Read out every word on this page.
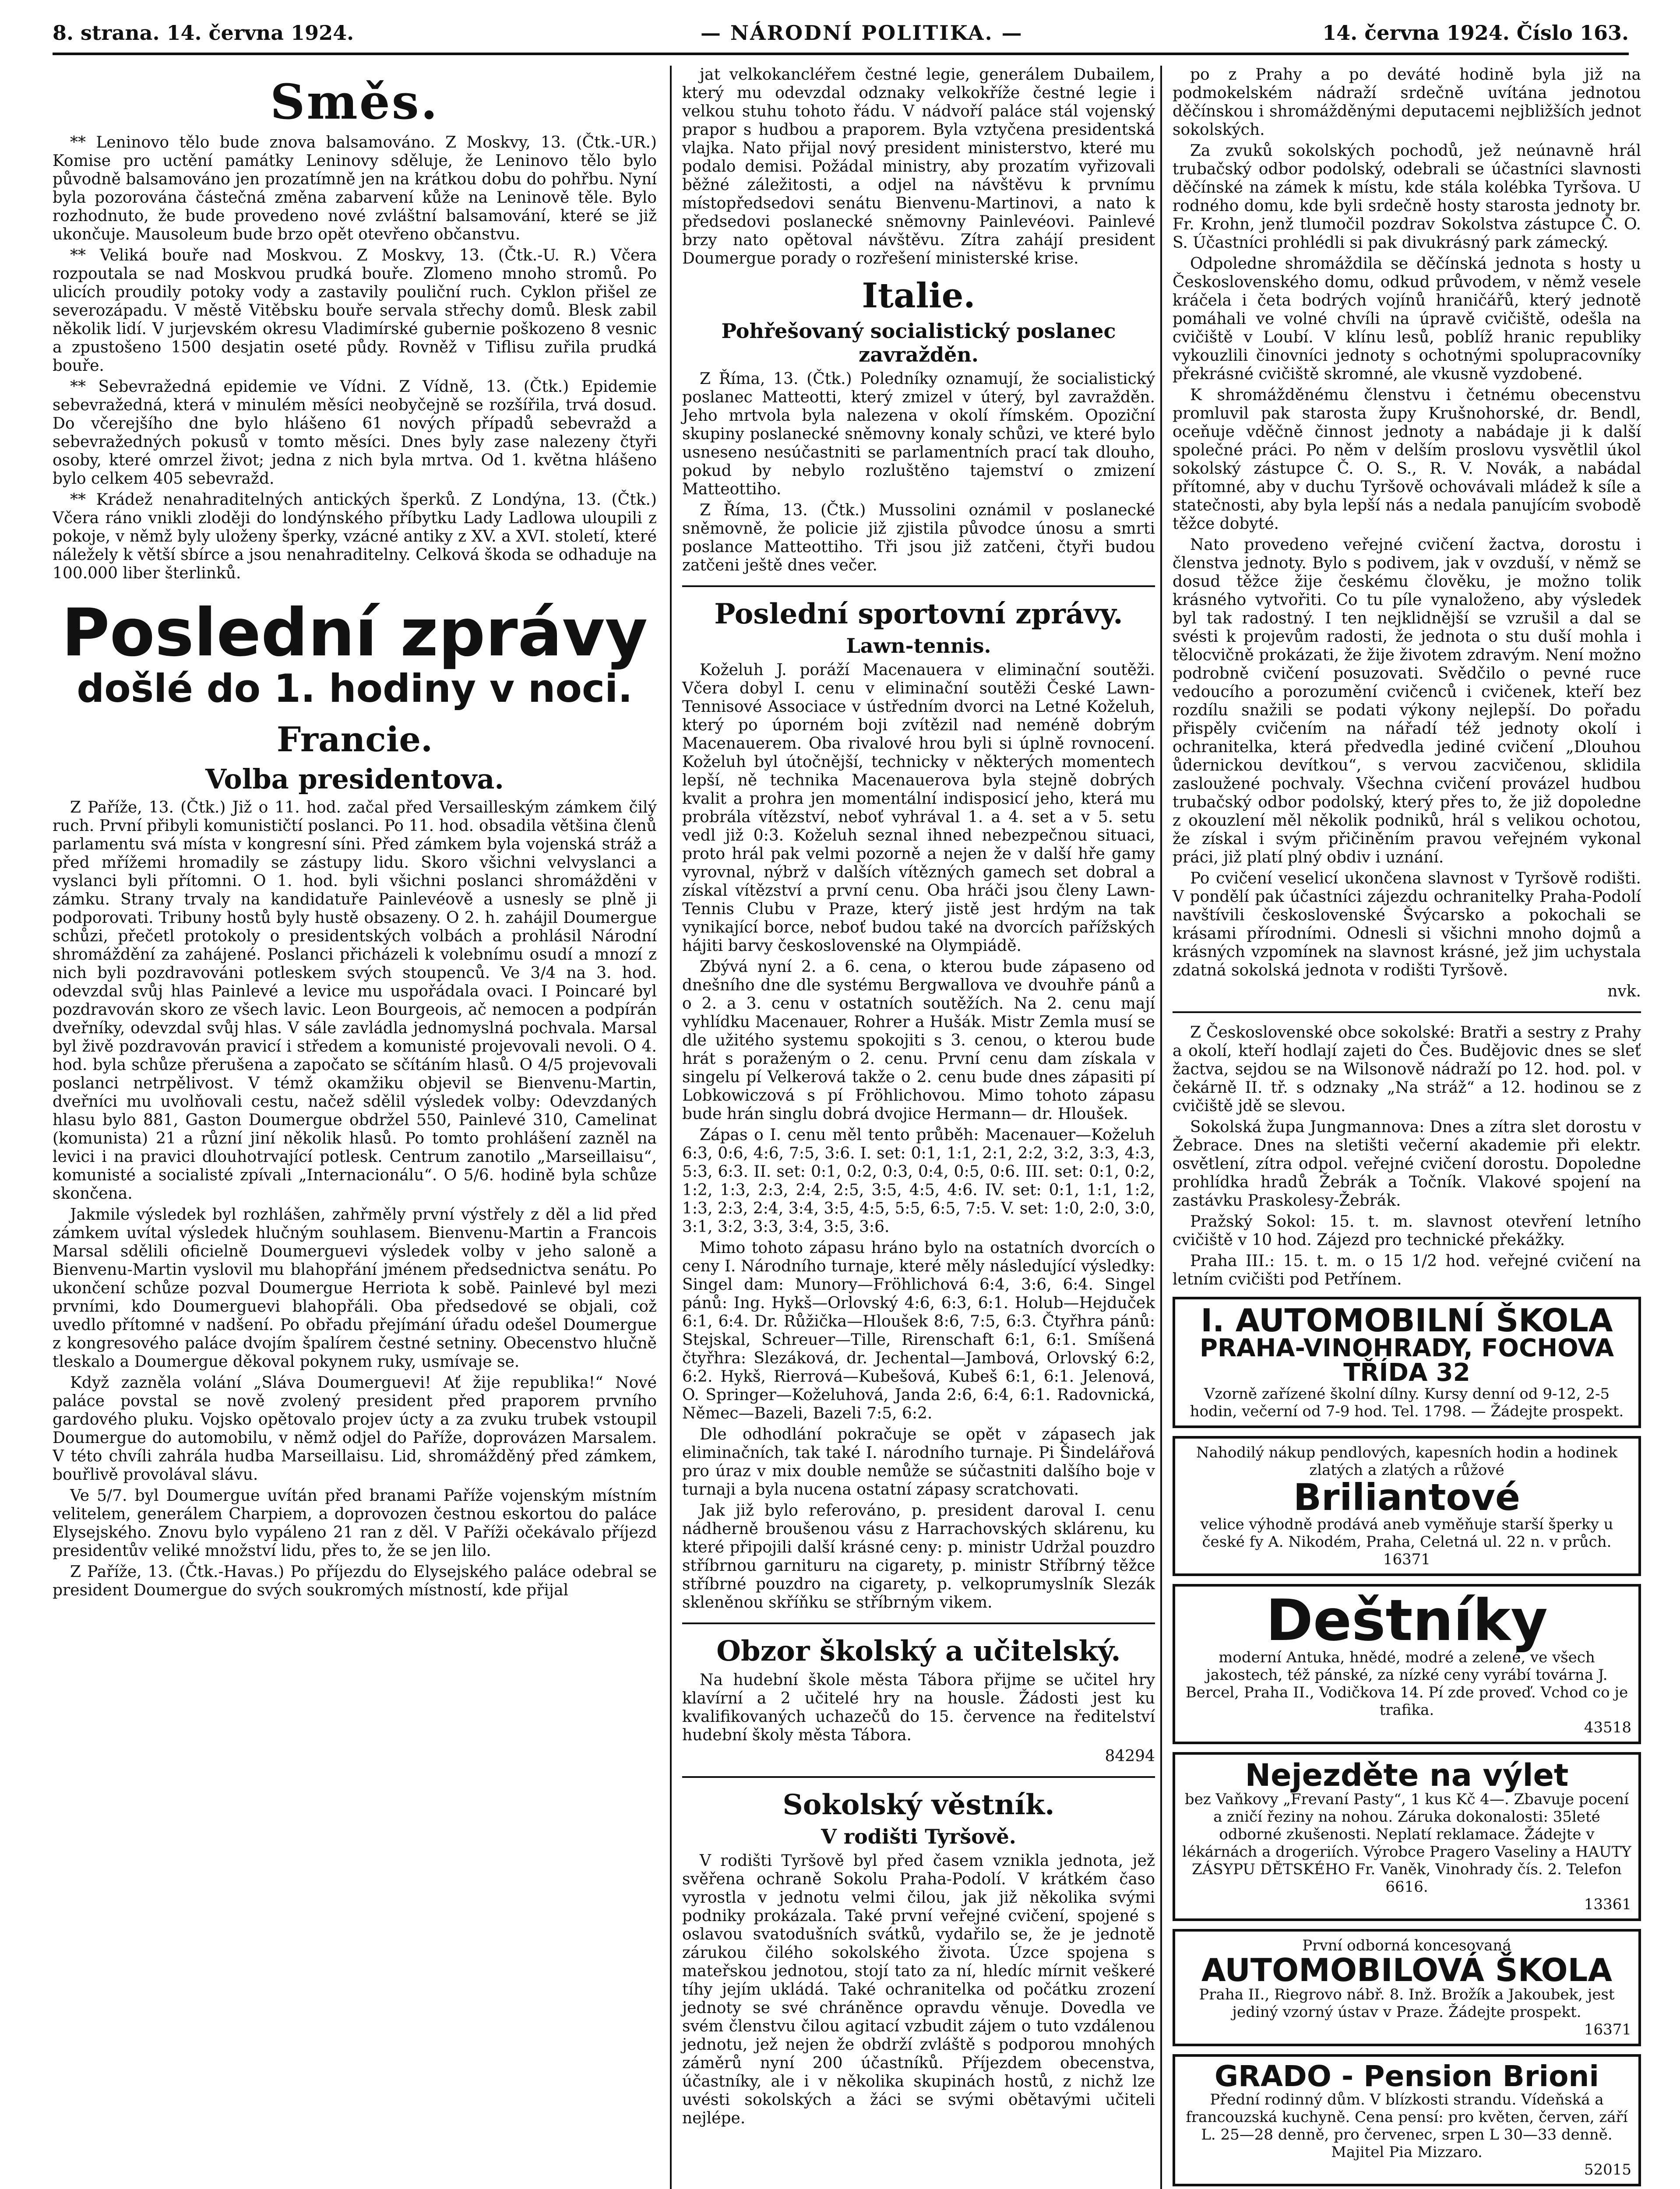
8. strana. 14. června 1924.	— NÁRODNÍ POLITIKA. —	14. června 1924. Číslo 163.
Směs.

** Leninovo tělo bude znova balsamováno. Z Moskvy, 13. (Čtk.-UR.) Komise pro uctění památky Leninovy sděluje, že Leninovo tělo bylo původně balsamováno jen prozatímně jen na krátkou dobu do pohřbu. Nyní byla pozorována částečná změna zabarvení kůže na Leninově těle. Bylo rozhodnuto, že bude provedeno nové zvláštní balsamování, které se již ukončuje. Mausoleum bude brzo opět otevřeno občanstvu.

** Veliká bouře nad Moskvou. Z Moskvy, 13. (Čtk.-U. R.) Včera rozpoutala se nad Moskvou prudká bouře. Zlomeno mnoho stromů. Po ulicích proudily potoky vody a zastavily pouliční ruch. Cyklon přišel ze severozápadu. V městě Vitěbsku bouře servala střechy domů. Blesk zabil několik lidí. V jurjevském okresu Vladimírské gubernie poškozeno 8 vesnic a zpustošeno 1500 desjatin oseté půdy. Rovněž v Tiflisu zuřila prudká bouře.

** Sebevražedná epidemie ve Vídni. Z Vídně, 13. (Čtk.) Epidemie sebevražedná, která v minulém měsíci neobyčejně se rozšířila, trvá dosud. Do včerejšího dne bylo hlášeno 61 nových případů sebevražd a sebevražedných pokusů v tomto měsíci. Dnes byly zase nalezeny čtyři osoby, které omrzel život; jedna z nich byla mrtva. Od 1. května hlášeno bylo celkem 405 sebevražd.

** Krádež nenahraditelných antických šperků. Z Londýna, 13. (Čtk.) Včera ráno vnikli zloději do londýnského příbytku Lady Ladlowa uloupili z pokoje, v němž byly uloženy šperky, vzácné antiky z XV. a XVI. století, které náležely k větší sbírce a jsou nenahraditelny. Celková škoda se odhaduje na 100.000 liber šterlinků.

Poslední zprávy
došlé do 1. hodiny v noci.
Francie.
Volba presidentova.

Z Paříže, 13. (Čtk.) Již o 11. hod. začal před Versailleským zámkem čilý ruch. První přibyli komunističtí poslanci. Po 11. hod. obsadila většina členů parlamentu svá místa v kongresní síni. Před zámkem byla vojenská stráž a před mřížemi hromadily se zástupy lidu. Skoro všichni velvyslanci a vyslanci byli přítomni. O 1. hod. byli všichni poslanci shromážděni v zámku. Strany trvaly na kandidatuře Painlevéově a usnesly se plně ji podporovati. Tribuny hostů byly hustě obsazeny. O 2. h. zahájil Doumergue schůzi, přečetl protokoly o presidentských volbách a prohlásil Národní shromáždění za zahájené. Poslanci přicházeli k volebnímu osudí a mnozí z nich byli pozdravováni potleskem svých stoupenců. Ve 3/4 na 3. hod. odevzdal svůj hlas Painlevé a levice mu uspořádala ovaci. I Poincaré byl pozdravován skoro ze všech lavic. Leon Bourgeois, ač nemocen a podpírán dveřníky, odevzdal svůj hlas. V sále zavládla jednomyslná pochvala. Marsal byl živě pozdravován pravicí i středem a komunisté projevovali nevoli. O 4. hod. byla schůze přerušena a započato se sčítáním hlasů. O 4/5 projevovali poslanci netrpělivost. V témž okamžiku objevil se Bienvenu-Martin, dveřníci mu uvolňovali cestu, načež sdělil výsledek volby: Odevzdaných hlasu bylo 881, Gaston Doumergue obdržel 550, Painlevé 310, Camelinat (komunista) 21 a různí jiní několik hlasů. Po tomto prohlášení zazněl na levici i na pravici dlouhotrvající potlesk. Centrum zanotilo „Marseillaisu“, komunisté a socialisté zpívali „Internacionálu“. O 5/6. hodině byla schůze skončena.

Jakmile výsledek byl rozhlášen, zahřměly první výstřely z děl a lid před zámkem uvítal výsledek hlučným souhlasem. Bienvenu-Martin a Francois Marsal sdělili oficielně Doumerguevi výsledek volby v jeho saloně a Bienvenu-Martin vyslovil mu blahopřání jménem předsednictva senátu. Po ukončení schůze pozval Doumergue Herriota k sobě. Painlevé byl mezi prvními, kdo Doumerguevi blahopřáli. Oba předsedové se objali, což uvedlo přítomné v nadšení. Po obřadu přejímání úřadu odešel Doumergue z kongresového paláce dvojím špalírem čestné setniny. Obecenstvo hlučně tleskalo a Doumergue děkoval pokynem ruky, usmívaje se.

Když zazněla volání „Sláva Doumerguevi! Ať žije republika!“ Nové paláce povstal se nově zvolený president před praporem prvního gardového pluku. Vojsko opětovalo projev úcty a za zvuku trubek vstoupil Doumergue do automobilu, v němž odjel do Paříže, doprovázen Marsalem. V této chvíli zahrála hudba Marseillaisu. Lid, shromážděný před zámkem, bouřlivě provolával slávu.

Ve 5/7. byl Doumergue uvítán před branami Paříže vojenským místním velitelem, generálem Charpiem, a doprovozen čestnou eskortou do paláce Elysejského. Znovu bylo vypáleno 21 ran z děl. V Paříži očekávalo příjezd presidentův veliké množství lidu, přes to, že se jen lilo.

Z Paříže, 13. (Čtk.-Havas.) Po příjezdu do Elysejského paláce odebral se president Doumergue do svých soukromých místností, kde přijal

jat velkokancléřem čestné legie, generálem Dubailem, který mu odevzdal odznaky velkokříže čestné legie i velkou stuhu tohoto řádu. V nádvoří paláce stál vojenský prapor s hudbou a praporem. Byla vztyčena presidentská vlajka. Nato přijal nový president ministerstvo, které mu podalo demisi. Požádal ministry, aby prozatím vyřizovali běžné záležitosti, a odjel na návštěvu k prvnímu místopředsedovi senátu Bienvenu-Martinovi, a nato k předsedovi poslanecké sněmovny Painlevéovi. Painlevé brzy nato opětoval návštěvu. Zítra zahájí president Doumergue porady o rozřešení ministerské krise.

Italie.
Pohřešovaný socialistický poslanec zavražděn.

Z Říma, 13. (Čtk.) Poledníky oznamují, že socialistický poslanec Matteotti, který zmizel v úterý, byl zavražděn. Jeho mrtvola byla nalezena v okolí římském. Opoziční skupiny poslanecké sněmovny konaly schůzi, ve které bylo usneseno nesúčastniti se parlamentních prací tak dlouho, pokud by nebylo rozluštěno tajemství o zmizení Matteottiho.

Z Říma, 13. (Čtk.) Mussolini oznámil v poslanecké sněmovně, že policie již zjistila původce únosu a smrti poslance Matteottiho. Tři jsou již zatčeni, čtyři budou zatčeni ještě dnes večer.

Poslední sportovní zprávy.
Lawn-tennis.

Koželuh J. poráží Macenauera v eliminační soutěži. Včera dobyl I. cenu v eliminační soutěži České Lawn-Tennisové Associace v ústředním dvorci na Letné Koželuh, který po úporném boji zvítězil nad neméně dobrým Macenauerem. Oba rivalové hrou byli si úplně rovnocení. Koželuh byl útočnější, technicky v některých momentech lepší, ně technika Macenauerova byla stejně dobrých kvalit a prohra jen momentální indisposicí jeho, která mu probrála vítězství, neboť vyhrával 1. a 4. set a v 5. setu vedl již 0:3. Koželuh seznal ihned nebezpečnou situaci, proto hrál pak velmi pozorně a nejen že v další hře gamy vyrovnal, nýbrž v dalších vítězných gamech set dobral a získal vítězství a první cenu. Oba hráči jsou členy Lawn-Tennis Clubu v Praze, který jistě jest hrdým na tak vynikající borce, neboť budou také na dvorcích pařížských hájiti barvy československé na Olympiádě.

Zbývá nyní 2. a 6. cena, o kterou bude zápaseno od dnešního dne dle systému Bergwallova ve dvouhře pánů a o 2. a 3. cenu v ostatních soutěžích. Na 2. cenu mají vyhlídku Macenauer, Rohrer a Hušák. Mistr Zemla musí se dle užitého systemu spokojiti s 3. cenou, o kterou bude hrát s poraženým o 2. cenu. První cenu dam získala v singelu pí Velkerová takže o 2. cenu bude dnes zápasiti pí Lobkowiczová s pí Fröhlichovou. Mimo tohoto zápasu bude hrán singlu dobrá dvojice Hermann— dr. Hloušek.

Zápas o I. cenu měl tento průběh: Macenauer—Koželuh 6:3, 0:6, 4:6, 7:5, 3:6. I. set: 0:1, 1:1, 2:1, 2:2, 3:2, 3:3, 4:3, 5:3, 6:3. II. set: 0:1, 0:2, 0:3, 0:4, 0:5, 0:6. III. set: 0:1, 0:2, 1:2, 1:3, 2:3, 2:4, 2:5, 3:5, 4:5, 4:6. IV. set: 0:1, 1:1, 1:2, 1:3, 2:3, 2:4, 3:4, 3:5, 4:5, 5:5, 6:5, 7:5. V. set: 1:0, 2:0, 3:0, 3:1, 3:2, 3:3, 3:4, 3:5, 3:6.

Mimo tohoto zápasu hráno bylo na ostatních dvorcích o ceny I. Národního turnaje, které měly následující výsledky: Singel dam: Munory—Fröhlichová 6:4, 3:6, 6:4. Singel pánů: Ing. Hykš—Orlovský 4:6, 6:3, 6:1. Holub—Hejduček 6:1, 6:4. Dr. Růžička—Hloušek 8:6, 7:5, 6:3. Čtyřhra pánů: Stejskal, Schreuer—Tille, Rirenschaft 6:1, 6:1. Smíšená čtyřhra: Slezáková, dr. Jechental—Jambová, Orlovský 6:2, 6:2. Hykš, Rierrová—Kubešová, Kubeš 6:1, 6:1. Jelenová, O. Springer—Koželuhová, Janda 2:6, 6:4, 6:1. Radovnická, Němec—Bazeli, Bazeli 7:5, 6:2.

Dle odhodlání pokračuje se opět v zápasech jak eliminačních, tak také I. národního turnaje. Pi Šindelářová pro úraz v mix double nemůže se súčastniti dalšího boje v turnaji a byla nucena ostatní zápasy scratchovati.

Jak již bylo referováno, p. president daroval I. cenu nádherně broušenou vásu z Harrachovských sklárenu, ku které připojili další krásné ceny: p. ministr Udržal pouzdro stříbrnou garnituru na cigarety, p. ministr Stříbrný těžce stříbrné pouzdro na cigarety, p. velkoprumyslník Slezák skleněnou skříňku se stříbrným vikem.

Obzor školský a učitelský.

Na hudební škole města Tábora přijme se učitel hry klavírní a 2 učitelé hry na housle. Žádosti jest ku kvalifikovaných uchazečů do 15. července na ředitelství hudební školy města Tábora.

84294

Sokolský věstník.
V rodišti Tyršově.

V rodišti Tyršově byl před časem vznikla jednota, jež svěřena ochraně Sokolu Praha-Podolí. V krátkém časo vyrostla v jednotu velmi čilou, jak již několika svými podniky prokázala. Také první veřejné cvičení, spojené s oslavou svatodušních svátků, vydařilo se, že je jednotě zárukou čilého sokolského života. Úzce spojena s mateřskou jednotou, stojí tato za ní, hledíc mírnit veškeré tíhy jejím ukládá. Také ochranitelka od počátku zrození jednoty se své chráněnce opravdu věnuje. Dovedla ve svém členstvu čilou agitací vzbudit zájem o tuto vzdálenou jednotu, jež nejen že obdrží zvláště s podporou mnohých záměrů nyní 200 účastníků. Příjezdem obecenstva, účastníky, ale i v několika skupinách hostů, z nichž lze uvésti sokolských a žáci se svými obětavými učiteli nejlépe.

po z Prahy a po deváté hodině byla již na podmokelském nádraží srdečně uvítána jednotou děčínskou i shromážděnými deputacemi nejbližších jednot sokolských.

Za zvuků sokolských pochodů, jež neúnavně hrál trubačský odbor podolský, odebrali se účastníci slavnosti děčínské na zámek k místu, kde stála kolébka Tyršova. U rodného domu, kde byli srdečně hosty starosta jednoty br. Fr. Krohn, jenž tlumočil pozdrav Sokolstva zástupce Č. O. S. Účastníci prohlédli si pak divukrásný park zámecký.

Odpoledne shromáždila se děčínská jednota s hosty u Československého domu, odkud průvodem, v němž vesele kráčela i četa bodrých vojínů hraničářů, který jednotě pomáhali ve volné chvíli na úpravě cvičiště, odešla na cvičiště v Loubí. V klínu lesů, poblíž hranic republiky vykouzlili činovníci jednoty s ochotnými spolupracovníky překrásné cvičiště skromné, ale vkusně vyzdobené.

K shromážděnému členstvu i četnému obecenstvu promluvil pak starosta župy Krušnohorské, dr. Bendl, oceňuje vděčně činnost jednoty a nabádaje ji k další společné práci. Po něm v delším proslovu vysvětlil úkol sokolský zástupce Č. O. S., R. V. Novák, a nabádal přítomné, aby v duchu Tyršově ochovávali mládež k síle a statečnosti, aby byla lepší nás a nedala panujícím svobodě těžce dobyté.

Nato provedeno veřejné cvičení žactva, dorostu i členstva jednoty. Bylo s podivem, jak v ovzduší, v němž se dosud těžce žije českému člověku, je možno tolik krásného vytvořiti. Co tu píle vynaloženo, aby výsledek byl tak radostný. I ten nejklidnější se vzrušil a dal se svésti k projevům radosti, že jednota o stu duší mohla i tělocvičně prokázati, že žije životem zdravým. Není možno podrobně cvičení posuzovati. Svědčilo o pevné ruce vedoucího a porozumění cvičenců i cvičenek, kteří bez rozdílu snažili se podati výkony nejlepší. Do pořadu přispěly cvičením na nářadí též jednoty okolí i ochranitelka, která předvedla jediné cvičení „Dlouhou ůdernickou devítkou“, s vervou zacvičenou, sklidila zasloužené pochvaly. Všechna cvičení provázel hudbou trubačský odbor podolský, který přes to, že již dopoledne z okouzlení měl několik podniků, hrál s velikou ochotou, že získal i svým přičiněním pravou veřejném vykonal práci, již platí plný obdiv i uznání.

Po cvičení veselicí ukončena slavnost v Tyršově rodišti. V pondělí pak účastníci zájezdu ochranitelky Praha-Podolí navštívili československé Švýcarsko a pokochali se krásami přírodními. Odnesli si všichni mnoho dojmů a krásných vzpomínek na slavnost krásné, jež jim uchystala zdatná sokolská jednota v rodišti Tyršově.

nvk.

Z Československé obce sokolské: Bratři a sestry z Prahy a okolí, kteří hodlají zajeti do Čes. Budějovic dnes se sleť žactva, sejdou se na Wilsonově nádraží po 12. hod. pol. v čekárně II. tř. s odznaky „Na stráž“ a 12. hodinou se z cvičiště jdě se slevou.

Sokolská župa Jungmannova: Dnes a zítra slet dorostu v Žebrace. Dnes na sletišti večerní akademie při elektr. osvětlení, zítra odpol. veřejné cvičení dorostu. Dopoledne prohlídka hradů Žebrák a Točník. Vlakové spojení na zastávku Praskolesy-Žebrák.

Pražský Sokol: 15. t. m. slavnost otevření letního cvičiště v 10 hod. Zájezd pro technické překážky.

Praha III.: 15. t. m. o 15 1/2 hod. veřejné cvičení na letním cvičišti pod Petřínem.

I. AUTOMOBILNÍ ŠKOLA
PRAHA-VINOHRADY, FOCHOVA TŘÍDA 32
Vzorně zařízené školní dílny. Kursy denní od 9-12, 2-5 hodin, večerní od 7-9 hod. Tel. 1798. — Žádejte prospekt.
Nahodilý nákup pendlových, kapesních hodin a hodinek zlatých a zlatých a růžové
Briliantové
velice výhodně prodává aneb vyměňuje starší šperky u české fy A. Nikodém, Praha, Celetná ul. 22 n. v průch. 16371
Deštníky
moderní Antuka, hnědé, modré a zelené, ve všech jakostech, též pánské, za nízké ceny vyrábí továrna J. Bercel, Praha II., Vodičkova 14. Pí zde proveď. Vchod co je trafika.
43518
Nejezděte na výlet
bez Vaňkovy „Frevaní Pasty“, 1 kus Kč 4—. Zbavuje pocení a zničí řeziny na nohou. Záruka dokonalosti: 35leté odborné zkušenosti. Neplatí reklamace. Žádejte v lékárnách a drogeriích. Výrobce Pragero Vaseliny a HAUTY ZÁSYPU DĚTSKÉHO Fr. Vaněk, Vinohrady čís. 2. Telefon 6616.
13361
První odborná koncesovaná
AUTOMOBILOVÁ ŠKOLA
Praha II., Riegrovo nábř. 8. Inž. Brožík a Jakoubek, jest jediný vzorný ústav v Praze. Žádejte prospekt.
16371
GRADO - Pension Brioni
Přední rodinný dům. V blízkosti strandu. Vídeňská a francouzská kuchyně. Cena pensí: pro květen, červen, září L. 25—28 denně, pro červenec, srpen L 30—33 denně. Majitel Pia Mizzaro.
52015
